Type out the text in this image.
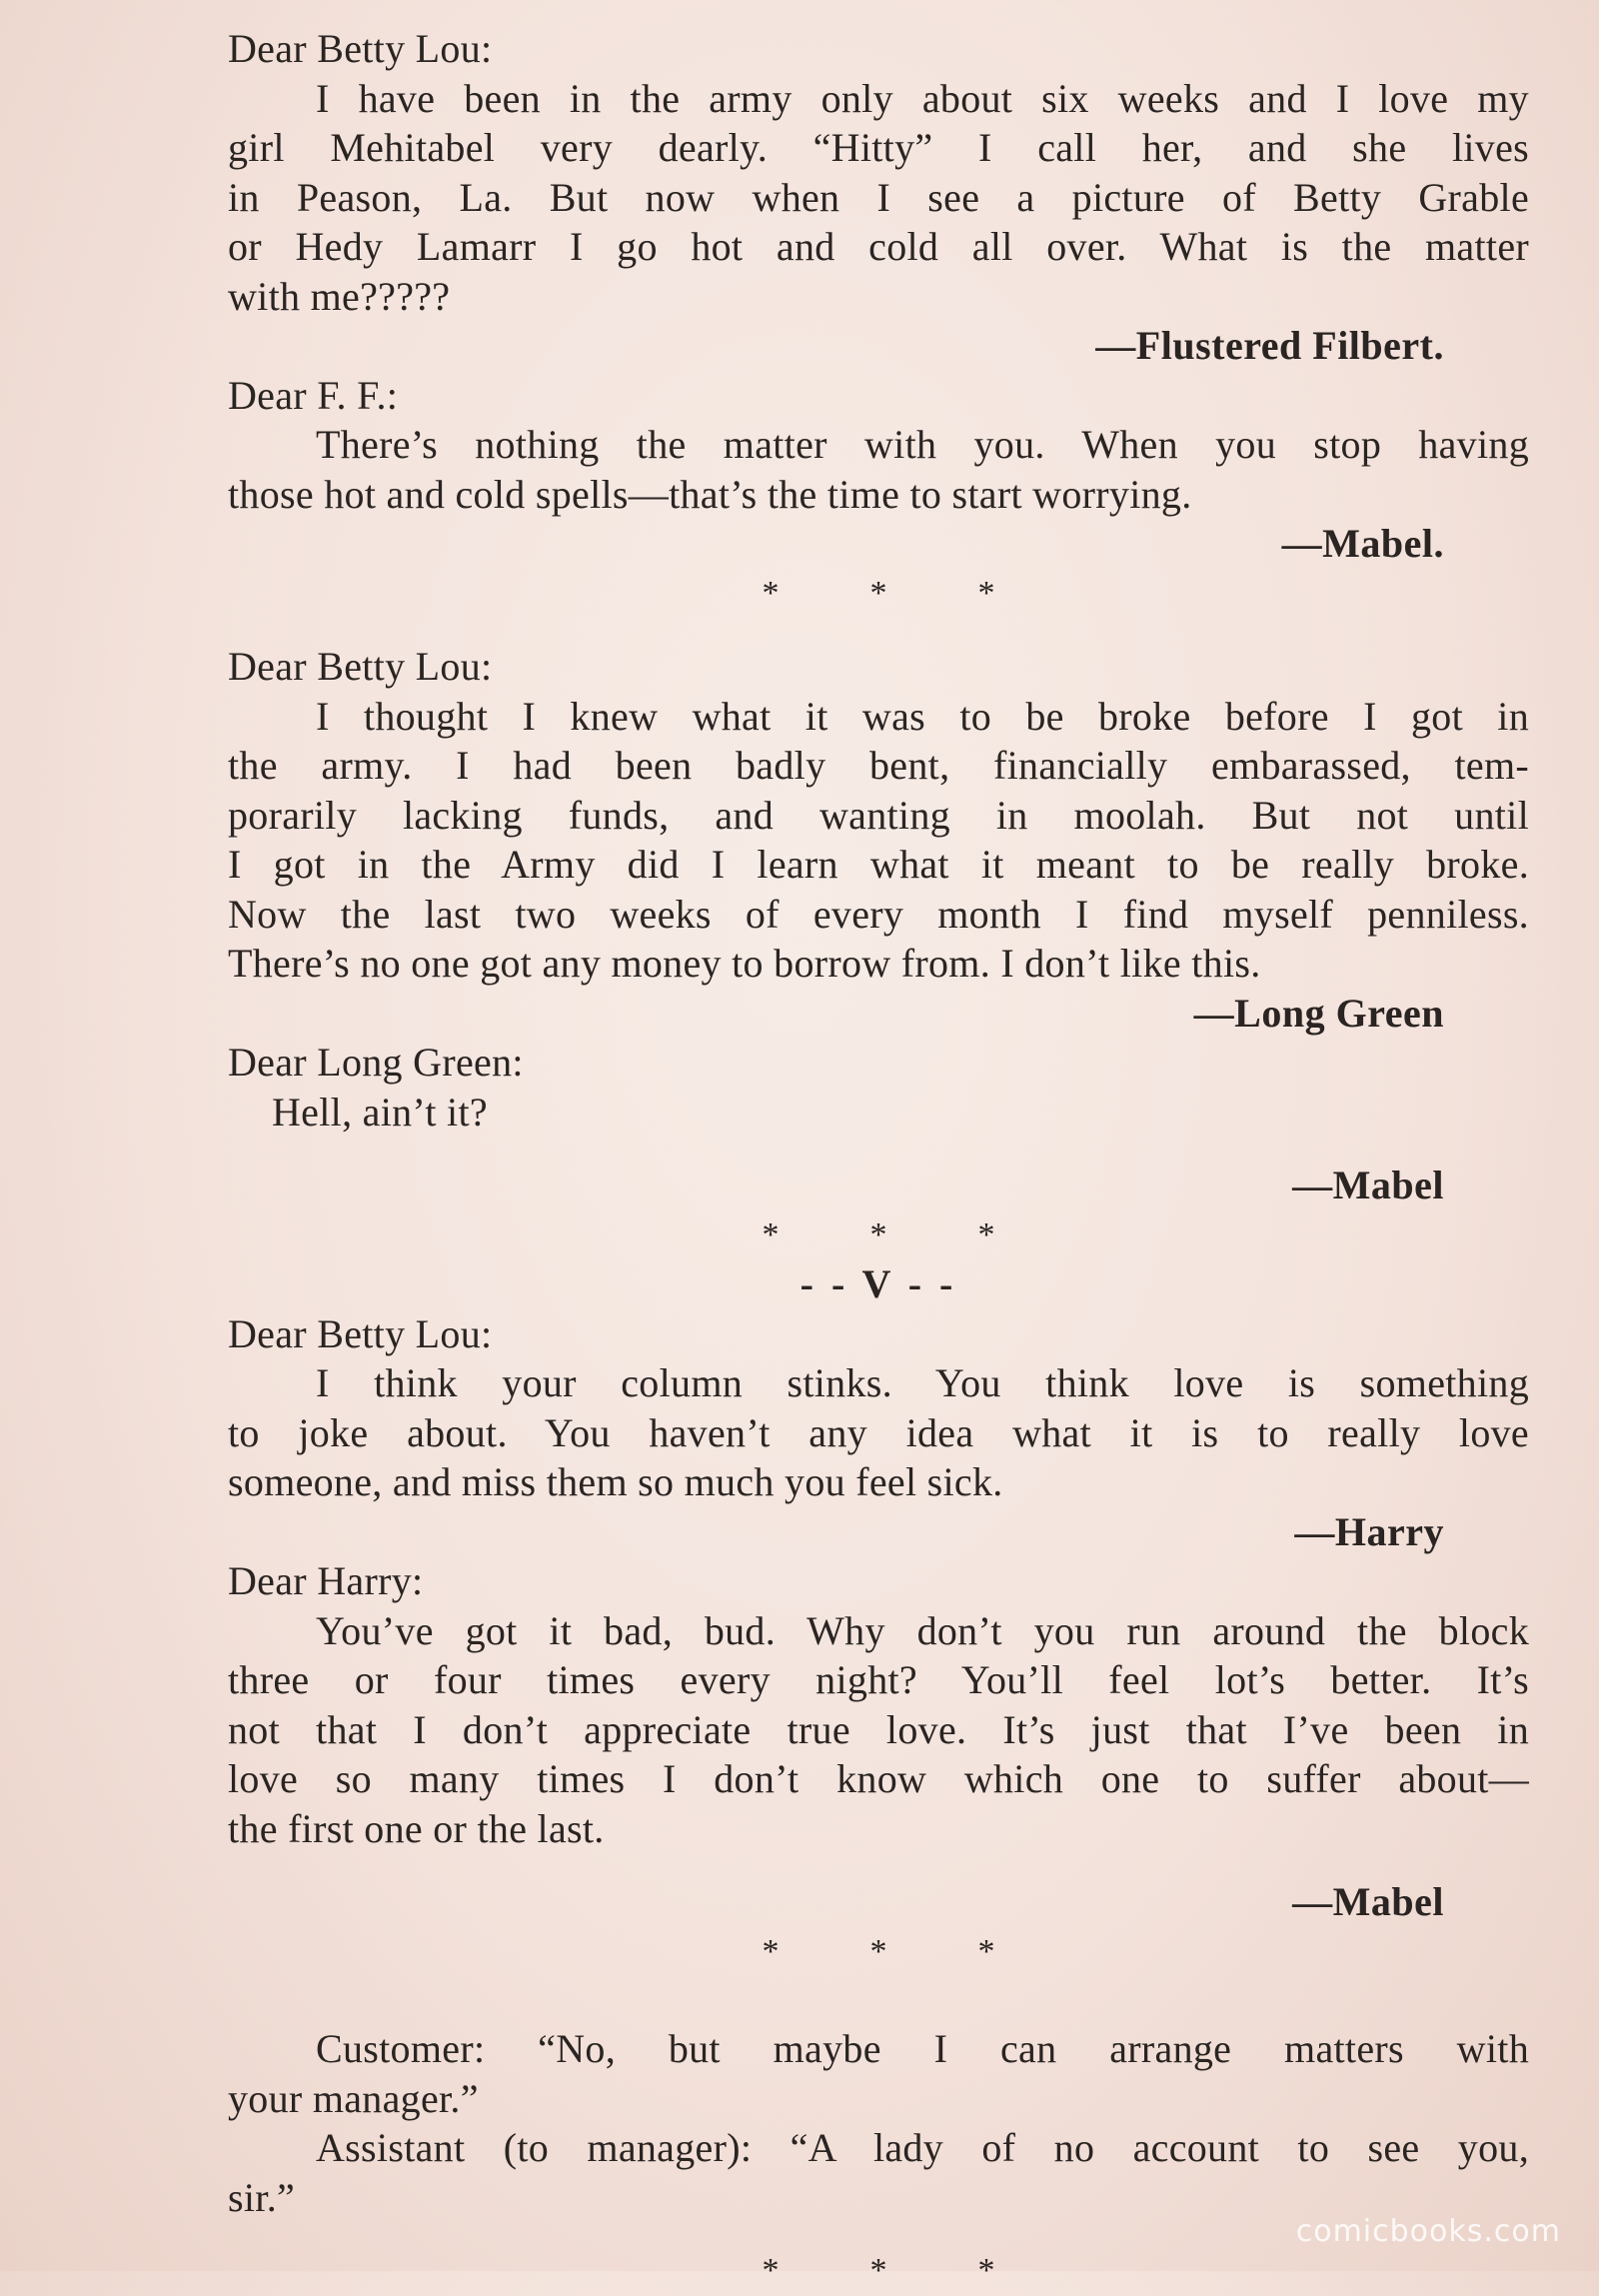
Dear Betty Lou:
I have been in the army only about six weeks and I love my
girl Mehitabel very dearly. “Hitty” I call her, and she lives
in Peason, La. But now when I see a picture of Betty Grable
or Hedy Lamarr I go hot and cold all over. What is the matter
with me?????
—Flustered Filbert.
Dear F. F.:
There’s nothing the matter with you. When you stop having
those hot and cold spells—that’s the time to start worrying.
—Mabel.
*	*	*
Dear Betty Lou:
I thought I knew what it was to be broke before I got in
the army. I had been badly bent, financially embarassed, tem-
porarily lacking funds, and wanting in moolah. But not until
I got in the Army did I learn what it meant to be really broke.
Now the last two weeks of every month I find myself penniless.
There’s no one got any money to borrow from. I don’t like this.
—Long Green
Dear Long Green:
Hell, ain’t it?
—Mabel
*	*	*
- - V - -
Dear Betty Lou:
I think your column stinks. You think love is something
to joke about. You haven’t any idea what it is to really love
someone, and miss them so much you feel sick.
—Harry
Dear Harry:
You’ve got it bad, bud. Why don’t you run around the block
three or four times every night? You’ll feel lot’s better. It’s
not that I don’t appreciate true love. It’s just that I’ve been in
love so many times I don’t know which one to suffer about—
the first one or the last.
—Mabel
*	*	*
Customer: “No, but maybe I can arrange matters with
your manager.”
Assistant (to manager): “A lady of no account to see you,
sir.”
*	*	*
comicbooks.com
